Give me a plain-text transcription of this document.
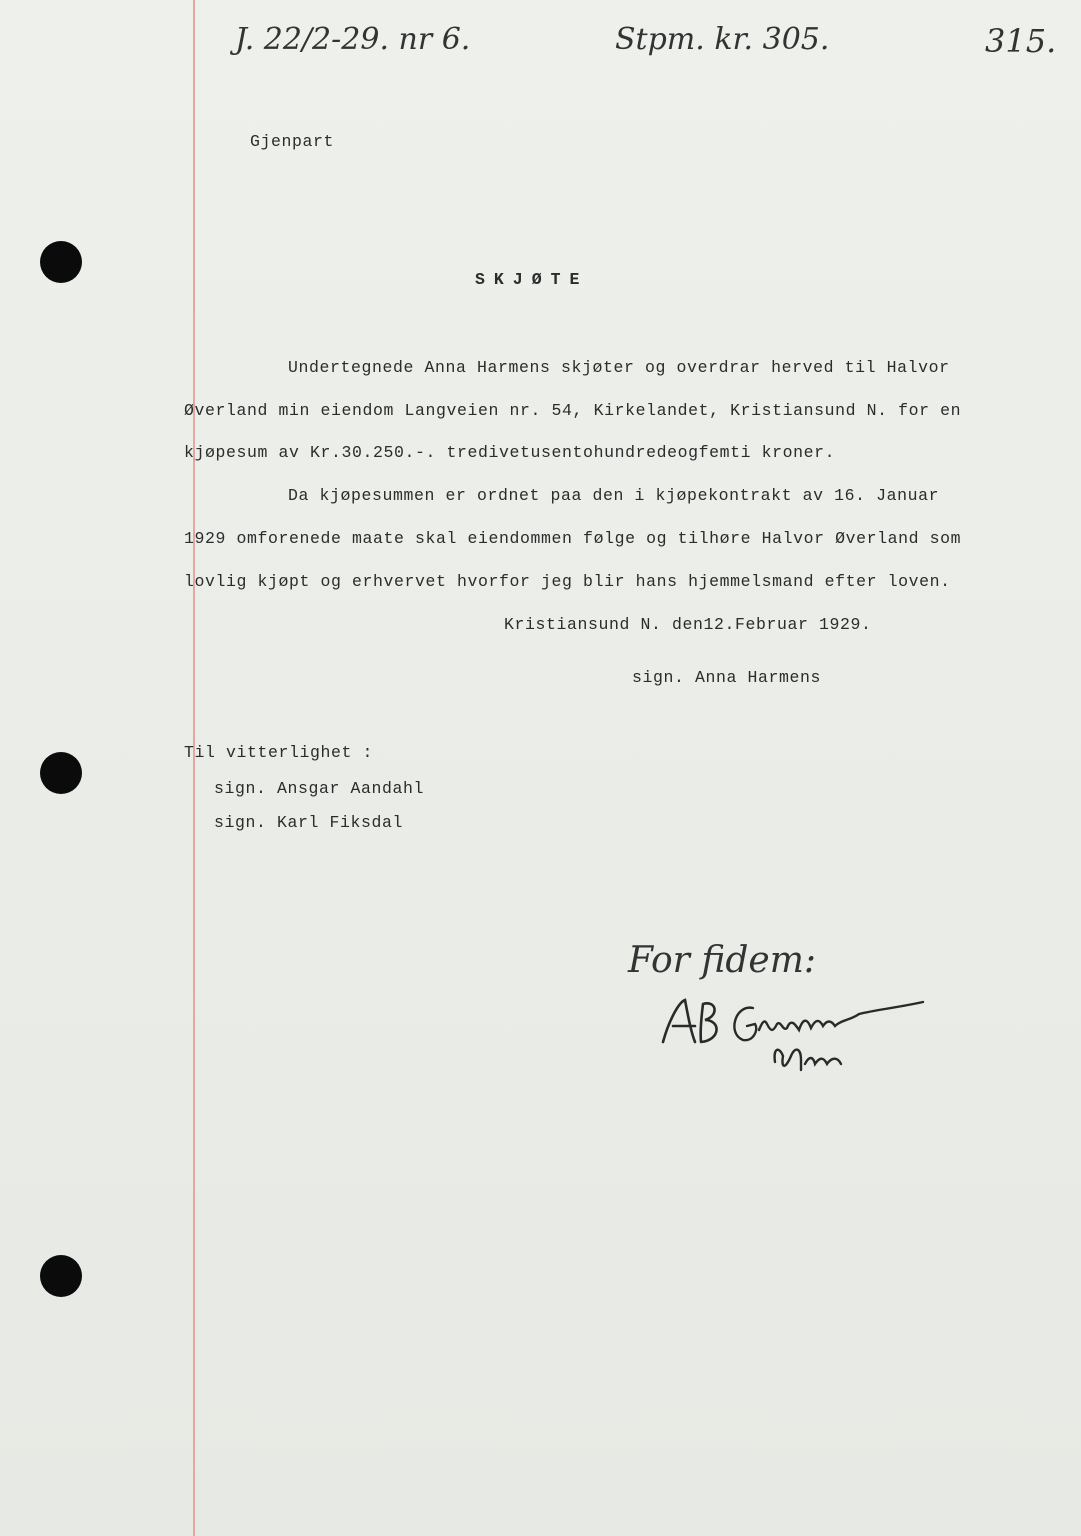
J. 22/2-29. nr 6.	Stpm. kr. 305.	315.
Gjenpart
SKJØTE
Undertegnede Anna Harmens skjøter og overdrar herved til Halvor
Øverland min eiendom Langveien nr. 54, Kirkelandet, Kristiansund N. for en
kjøpesum av Kr.30.250.-. tredivetusentohundredeogfemti kroner.
Da kjøpesummen er ordnet paa den i kjøpekontrakt av 16. Januar
1929 omforenede maate skal eiendommen følge og tilhøre Halvor Øverland som
lovlig kjøpt og erhvervet hvorfor jeg blir hans hjemmelsmand efter loven.
Kristiansund N. den12.Februar 1929.
sign. Anna Harmens
Til vitterlighet :
sign. Ansgar Aandahl
sign. Karl Fiksdal
For fidem:
